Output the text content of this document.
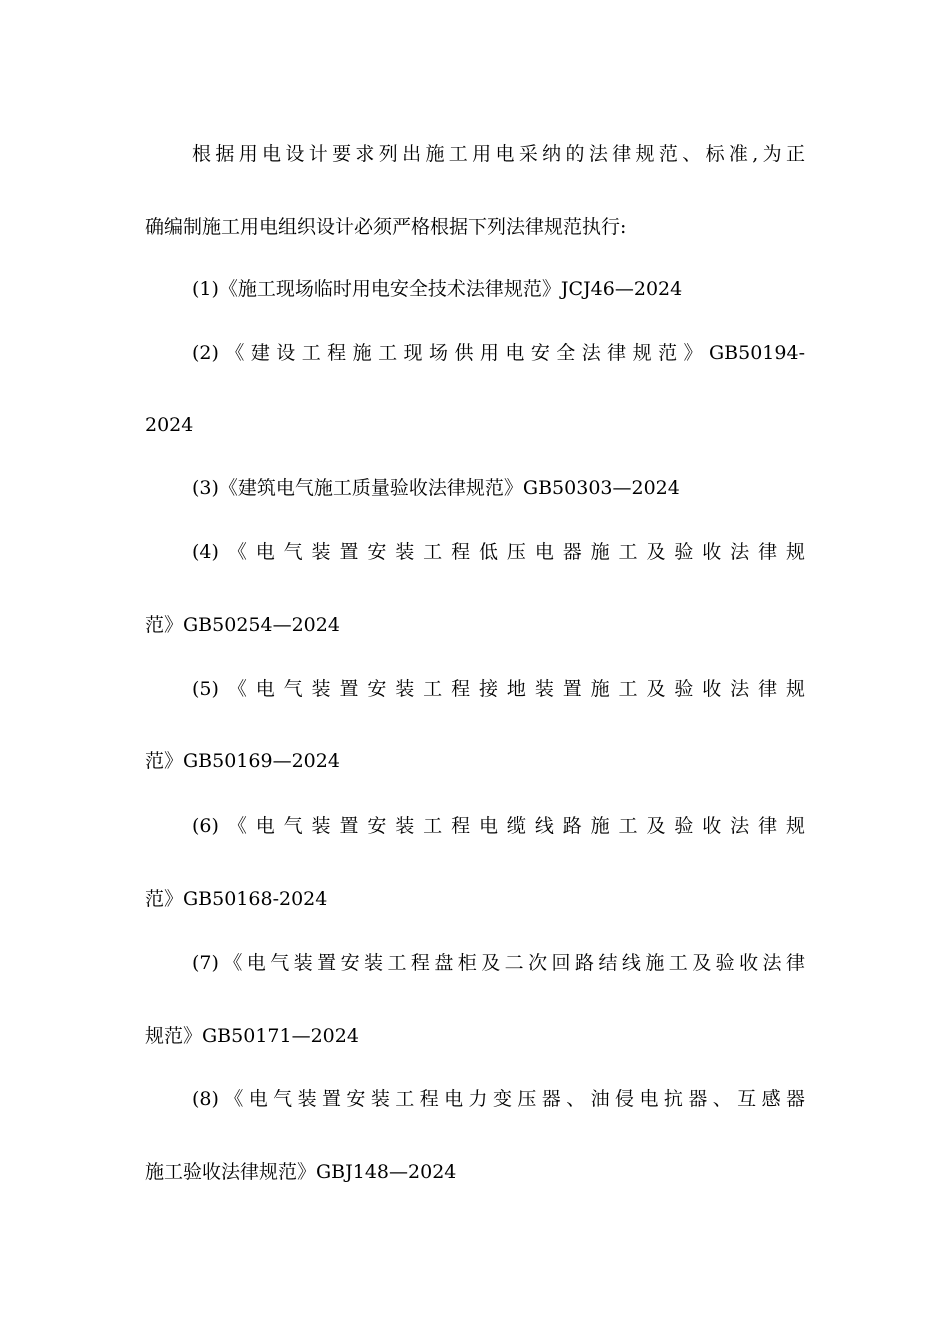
根据用电设计要求列出施工用电采纳的法律规范、标准,为正
确编制施工用电组织设计必须严格根据下列法律规范执行:
(1)《施工现场临时用电安全技术法律规范》JCJ46—2024
(2)《建设工程施工现场供用电安全法律规范》GB50194-
2024
(3)《建筑电气施工质量验收法律规范》GB50303—2024
(4)《电气装置安装工程低压电器施工及验收法律规
范》GB50254—2024
(5)《电气装置安装工程接地装置施工及验收法律规
范》GB50169—2024
(6)《电气装置安装工程电缆线路施工及验收法律规
范》GB50168-2024
(7)《电气装置安装工程盘柜及二次回路结线施工及验收法律
规范》GB50171—2024
(8)《电气装置安装工程电力变压器、油侵电抗器、互感器
施工验收法律规范》GBJ148—2024
